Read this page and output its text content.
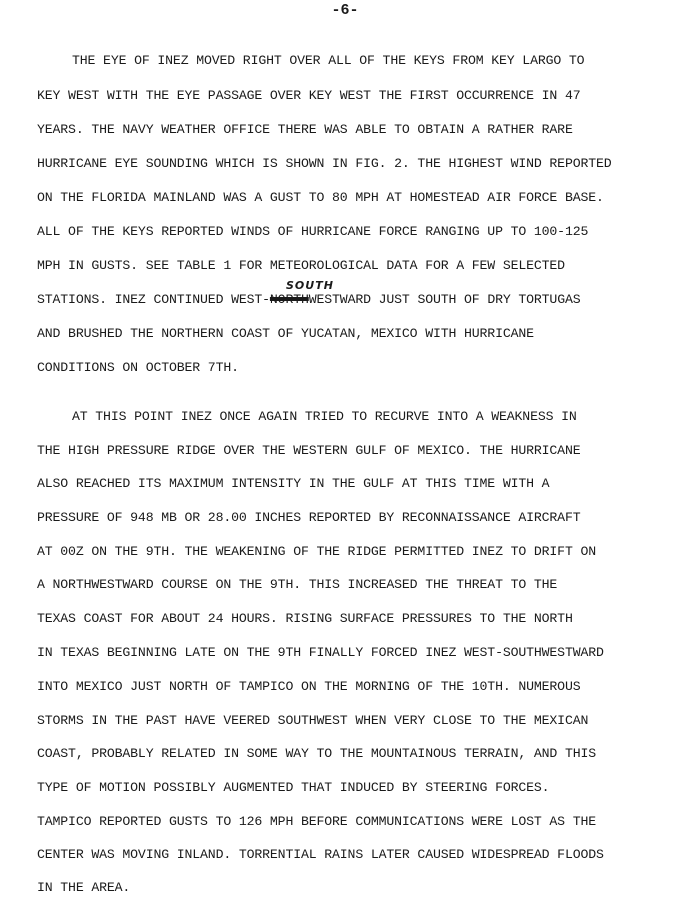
-6-
SOUTH
THE EYE OF INEZ MOVED RIGHT OVER ALL OF THE KEYS FROM KEY LARGO TO
KEY WEST WITH THE EYE PASSAGE OVER KEY WEST THE FIRST OCCURRENCE IN 47
YEARS. THE NAVY WEATHER OFFICE THERE WAS ABLE TO OBTAIN A RATHER RARE
HURRICANE EYE SOUNDING WHICH IS SHOWN IN FIG. 2. THE HIGHEST WIND REPORTED
ON THE FLORIDA MAINLAND WAS A GUST TO 80 MPH AT HOMESTEAD AIR FORCE BASE.
ALL OF THE KEYS REPORTED WINDS OF HURRICANE FORCE RANGING UP TO 100-125
MPH IN GUSTS. SEE TABLE 1 FOR METEOROLOGICAL DATA FOR A FEW SELECTED
STATIONS. INEZ CONTINUED WEST-NORTHWESTWARD JUST SOUTH OF DRY TORTUGAS
AND BRUSHED THE NORTHERN COAST OF YUCATAN, MEXICO WITH HURRICANE
CONDITIONS ON OCTOBER 7TH.
AT THIS POINT INEZ ONCE AGAIN TRIED TO RECURVE INTO A WEAKNESS IN
THE HIGH PRESSURE RIDGE OVER THE WESTERN GULF OF MEXICO. THE HURRICANE
ALSO REACHED ITS MAXIMUM INTENSITY IN THE GULF AT THIS TIME WITH A
PRESSURE OF 948 MB OR 28.00 INCHES REPORTED BY RECONNAISSANCE AIRCRAFT
AT 00Z ON THE 9TH. THE WEAKENING OF THE RIDGE PERMITTED INEZ TO DRIFT ON
A NORTHWESTWARD COURSE ON THE 9TH. THIS INCREASED THE THREAT TO THE
TEXAS COAST FOR ABOUT 24 HOURS. RISING SURFACE PRESSURES TO THE NORTH
IN TEXAS BEGINNING LATE ON THE 9TH FINALLY FORCED INEZ WEST-SOUTHWESTWARD
INTO MEXICO JUST NORTH OF TAMPICO ON THE MORNING OF THE 10TH. NUMEROUS
STORMS IN THE PAST HAVE VEERED SOUTHWEST WHEN VERY CLOSE TO THE MEXICAN
COAST, PROBABLY RELATED IN SOME WAY TO THE MOUNTAINOUS TERRAIN, AND THIS
TYPE OF MOTION POSSIBLY AUGMENTED THAT INDUCED BY STEERING FORCES.
TAMPICO REPORTED GUSTS TO 126 MPH BEFORE COMMUNICATIONS WERE LOST AS THE
CENTER WAS MOVING INLAND. TORRENTIAL RAINS LATER CAUSED WIDESPREAD FLOODS
IN THE AREA.
